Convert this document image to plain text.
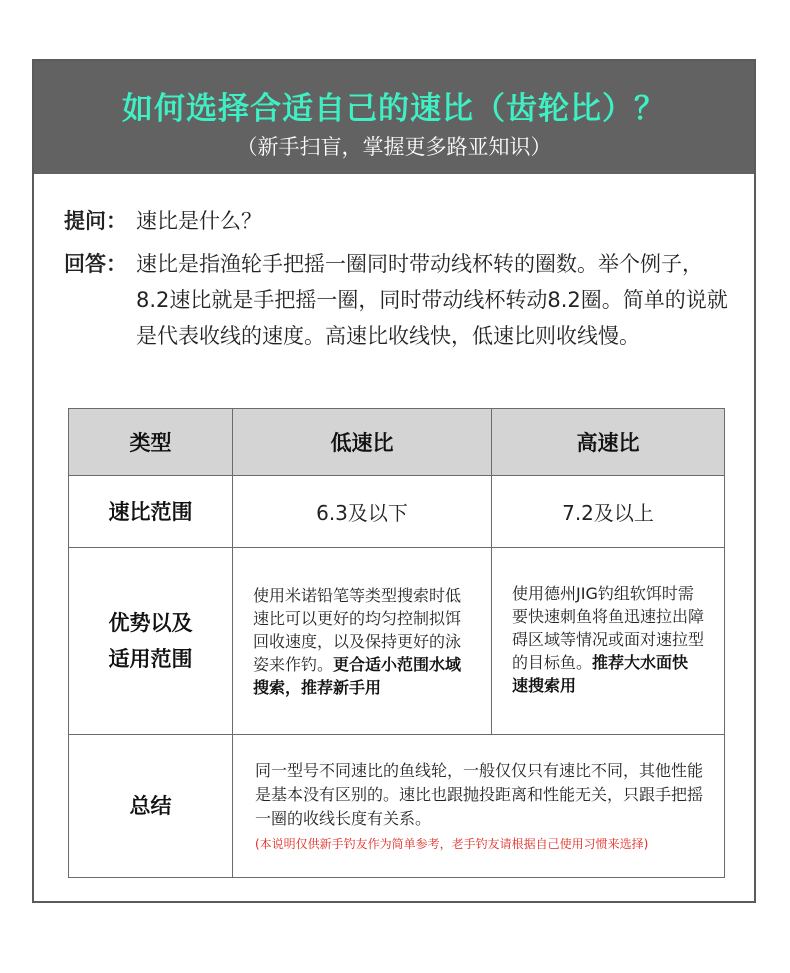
如何选择合适自己的速比（齿轮比）？
（新手扫盲，掌握更多路亚知识）
提问： 速比是什么？
回答： 速比是指渔轮手把摇一圈同时带动线杯转的圈数。举个例子，8.2速比就是手把摇一圈，同时带动线杯转动8.2圈。简单的说就是代表收线的速度。高速比收线快，低速比则收线慢。
类型	低速比	高速比
速比范围	6.3及以下	7.2及以上

优势以及
适用范围	使用米诺铅笔等类型搜索时低速比可以更好的均匀控制拟饵回收速度，以及保持更好的泳姿来作钓。更合适小范围水域搜索，推荐新手用	使用德州JIG钓组软饵时需要快速刺鱼将鱼迅速拉出障碍区域等情况或面对速拉型的目标鱼。推荐大水面快速搜索用
总结	同一型号不同速比的鱼线轮，一般仅仅只有速比不同，其他性能是基本没有区别的。速比也跟抛投距离和性能无关，只跟手把摇一圈的收线长度有关系。
(本说明仅供新手钓友作为简单参考，老手钓友请根据自己使用习惯来选择)	
